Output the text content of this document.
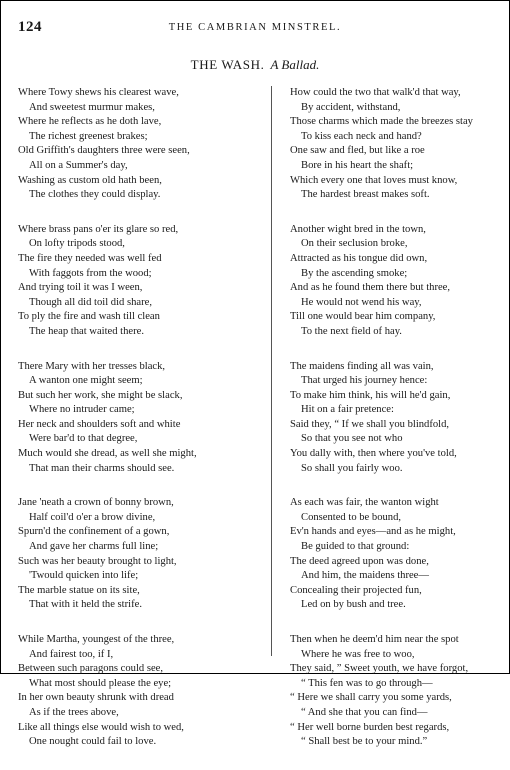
124	THE CAMBRIAN MINSTREL.
THE WASH. A Ballad.
Where Towy shews his clearest wave,
And sweetest murmur makes,
Where he reflects as he doth lave,
The richest greenest brakes;
Old Griffith's daughters three were seen,
All on a Summer's day,
Washing as custom old hath been,
The clothes they could display.
Where brass pans o'er its glare so red,
On lofty tripods stood,
The fire they needed was well fed
With faggots from the wood;
And trying toil it was I ween,
Though all did toil did share,
To ply the fire and wash till clean
The heap that waited there.
There Mary with her tresses black,
A wanton one might seem;
But such her work, she might be slack,
Where no intruder came;
Her neck and shoulders soft and white
Were bar'd to that degree,
Much would she dread, as well she might,
That man their charms should see.
Jane 'neath a crown of bonny brown,
Half coil'd o'er a brow divine,
Spurn'd the confinement of a gown,
And gave her charms full line;
Such was her beauty brought to light,
'Twould quicken into life;
The marble statue on its site,
That with it held the strife.
While Martha, youngest of the three,
And fairest too, if I,
Between such paragons could see,
What most should please the eye;
In her own beauty shrunk with dread
As if the trees above,
Like all things else would wish to wed,
One nought could fail to love.
How could the two that walk'd that way,
By accident, withstand,
Those charms which made the breezes stay
To kiss each neck and hand?
One saw and fled, but like a roe
Bore in his heart the shaft;
Which every one that loves must know,
The hardest breast makes soft.
Another wight bred in the town,
On their seclusion broke,
Attracted as his tongue did own,
By the ascending smoke;
And as he found them there but three,
He would not wend his way,
Till one would bear him company,
To the next field of hay.
The maidens finding all was vain,
That urged his journey hence:
To make him think, his will he'd gain,
Hit on a fair pretence:
Said they, “ If we shall you blindfold,
So that you see not who
You dally with, then where you've told,
So shall you fairly woo.
As each was fair, the wanton wight
Consented to be bound,
Ev'n hands and eyes—and as he might,
Be guided to that ground:
The deed agreed upon was done,
And him, the maidens three—
Concealing their projected fun,
Led on by bush and tree.
Then when he deem'd him near the spot
Where he was free to woo,
They said, ” Sweet youth, we have forgot,
“ This fen was to go through—
“ Here we shall carry you some yards,
“ And she that you can find—
“ Her well borne burden best regards,
“ Shall best be to your mind.”
